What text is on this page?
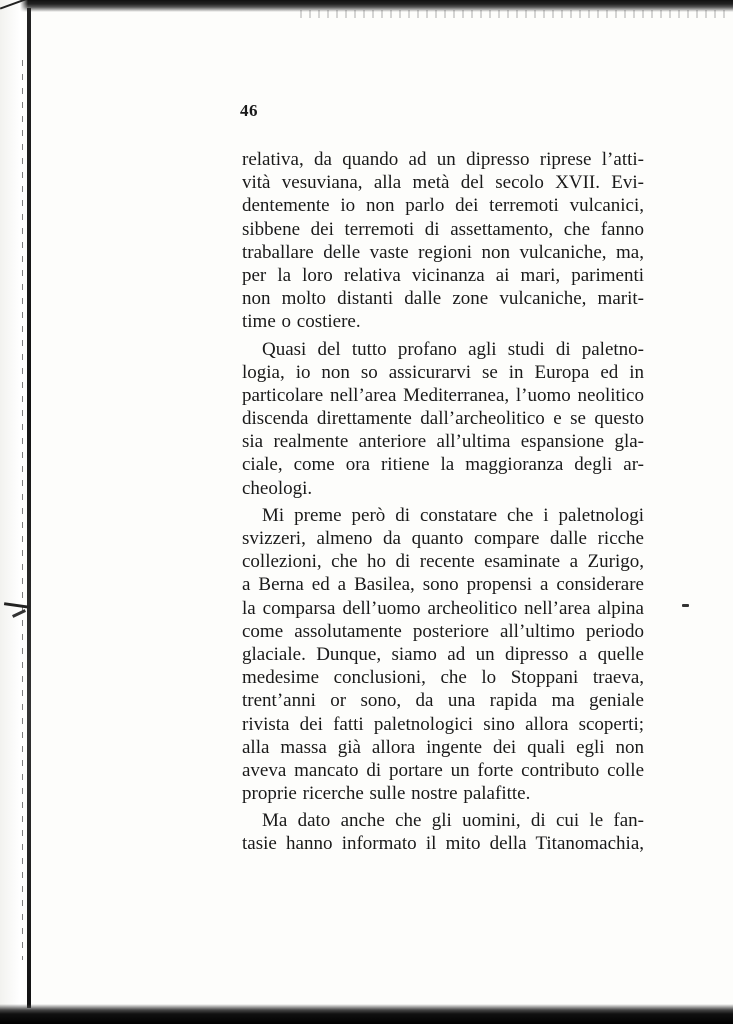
46
relativa, da quando ad un dipresso riprese l’atti-
vità vesuviana, alla metà del secolo XVII. Evi-
dentemente io non parlo dei terremoti vulcanici,
sibbene dei terremoti di assettamento, che fanno
traballare delle vaste regioni non vulcaniche, ma,
per la loro relativa vicinanza ai mari, parimenti
non molto distanti dalle zone vulcaniche, marit-
time o costiere.
Quasi del tutto profano agli studi di paletno-
logia, io non so assicurarvi se in Europa ed in
particolare nell’area Mediterranea, l’uomo neolitico
discenda direttamente dall’archeolitico e se questo
sia realmente anteriore all’ultima espansione gla-
ciale, come ora ritiene la maggioranza degli ar-
cheologi.
Mi preme però di constatare che i paletnologi
svizzeri, almeno da quanto compare dalle ricche
collezioni, che ho di recente esaminate a Zurigo,
a Berna ed a Basilea, sono propensi a considerare
la comparsa dell’uomo archeolitico nell’area alpina
come assolutamente posteriore all’ultimo periodo
glaciale. Dunque, siamo ad un dipresso a quelle
medesime conclusioni, che lo Stoppani traeva,
trent’anni or sono, da una rapida ma geniale
rivista dei fatti paletnologici sino allora scoperti;
alla massa già allora ingente dei quali egli non
aveva mancato di portare un forte contributo colle
proprie ricerche sulle nostre palafitte.
Ma dato anche che gli uomini, di cui le fan-
tasie hanno informato il mito della Titanomachia,
